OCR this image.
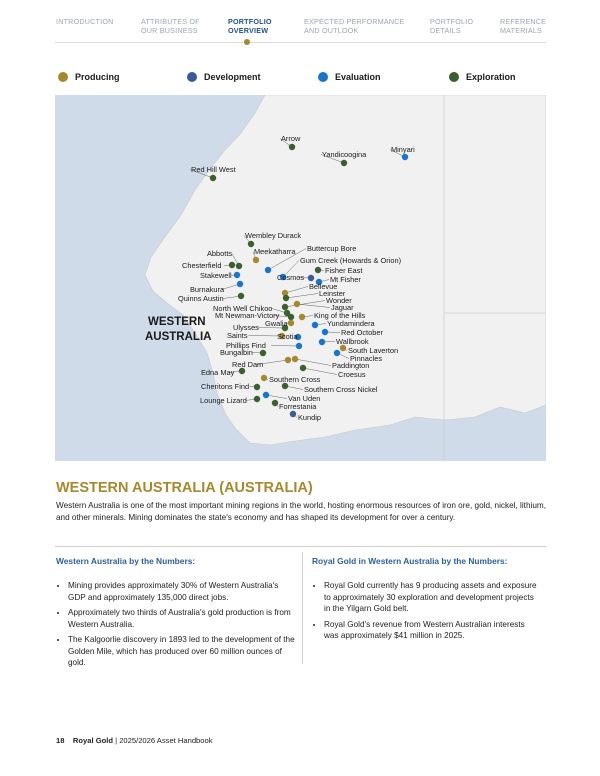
INTRODUCTION	ATTRIBUTES OF
OUR BUSINESS
PORTFOLIO
OVERVIEW
EXPECTED PERFORMANCE
AND OUTLOOK
PORTFOLIO
DETAILS
REFERENCE
MATERIALS
Producing	Development	Evaluation	Exploration
WESTERN
AUSTRALIA
Arrow
Minyari
Yandicoogina
Red Hill West
Wembley Durack
Abbotts	Meekatharra Buttercup Bore
Chesterfield
Gum Creek (Howards & Orion)
Stakewell
Fisher East
Cosmos	Mt Fisher
Burnakura	Bellevue
Leinster
Quinns Austin	Wonder
North Well Chikoo	Jaguar
Mt Newman-Victory	King of the Hills
Gwalia	Yundamindera
Ulysses
Red October
Saints	Scotia
Wallbrook
Phillips Find
South Laverton
Bungalbin
Pinnacles
Red Dam	Paddington
Edna May	Croesus
Southern Cross
Cheritons Find	Southern Cross Nickel
Van Uden
Lounge Lizard
Forrestania
Kundip
WESTERN AUSTRALIA (AUSTRALIA)
Western Australia is one of the most important mining regions in the world, hosting enormous resources of iron ore, gold, nickel, lithium, and other minerals. Mining dominates the state's economy and has shaped its development for over a century.
Western Australia by the Numbers:
• Mining provides approximately 30% of Western Australia's GDP and approximately 135,000 direct jobs.
• Approximately two thirds of Australia's gold production is from Western Australia.
• The Kalgoorlie discovery in 1893 led to the development of the Golden Mile, which has produced over 60 million ounces of gold.
Royal Gold in Western Australia by the Numbers:
• Royal Gold currently has 9 producing assets and exposure to approximately 30 exploration and development projects in the Yilgarn Gold belt.
• Royal Gold's revenue from Western Australian interests was approximately $41 million in 2025.
18 Royal Gold | 2025/2026 Asset Handbook
